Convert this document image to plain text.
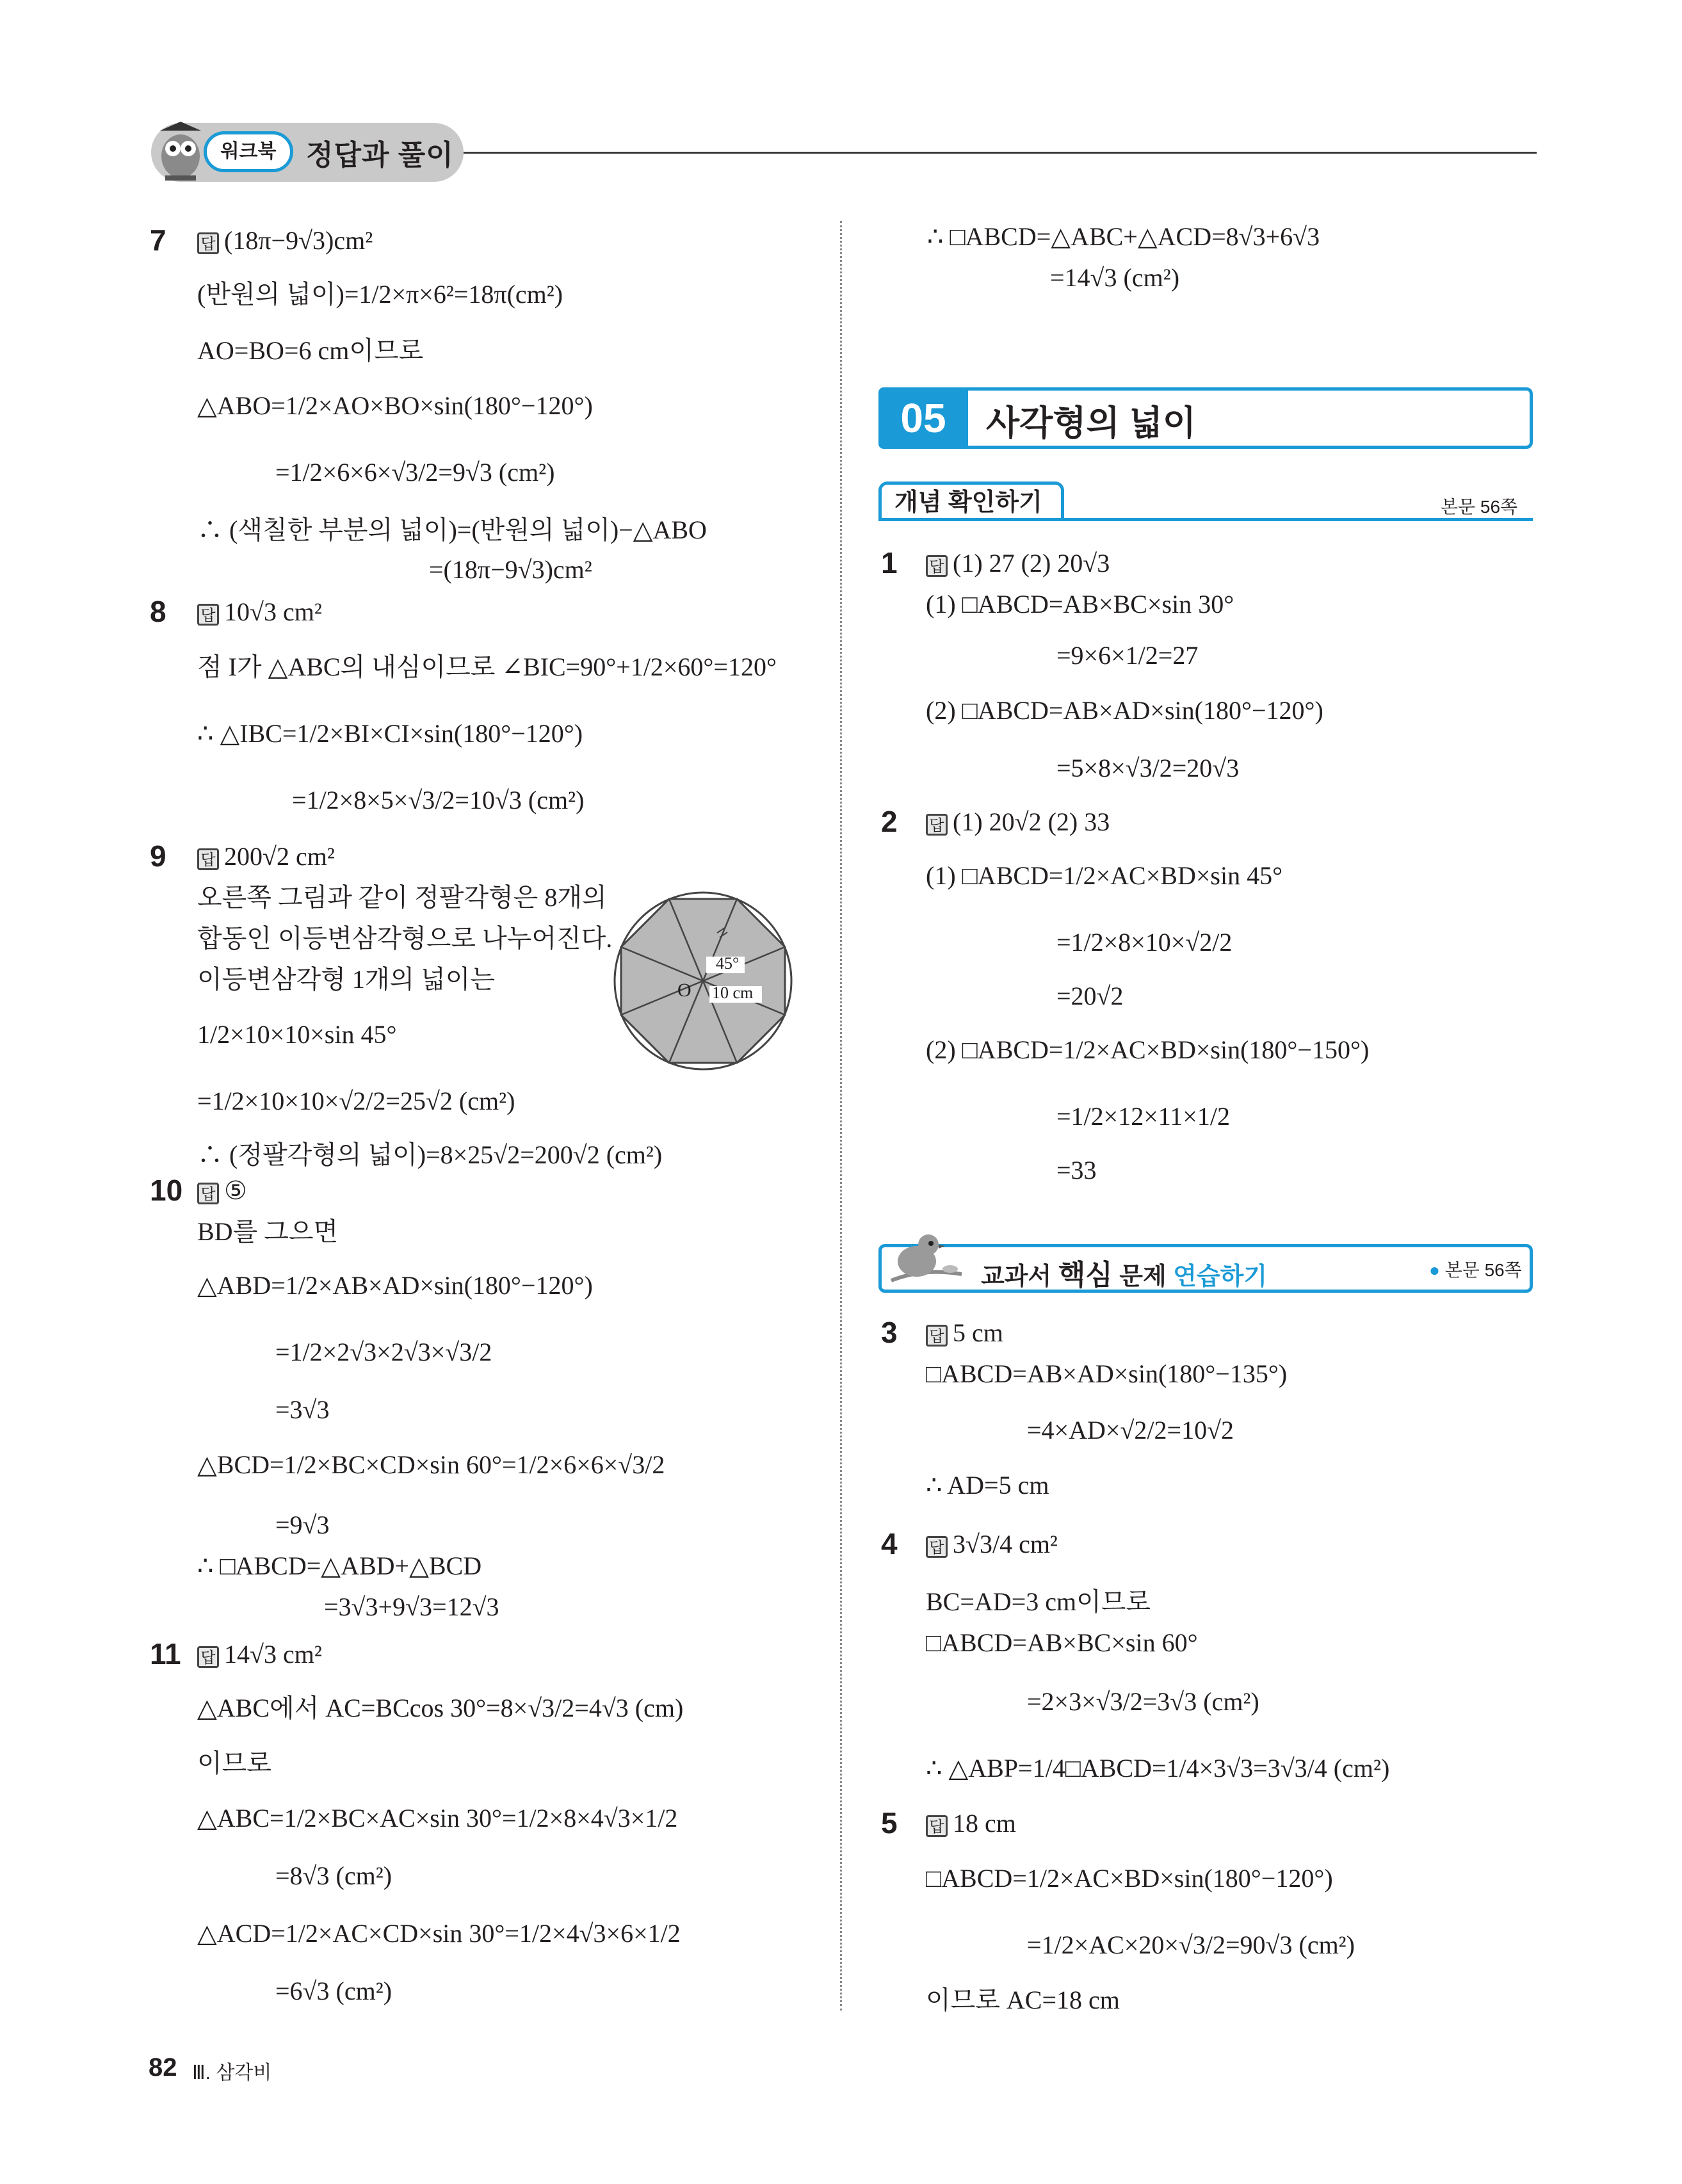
워크북	정답과 풀이
7 답 (18π−9√3)cm²
(반원의 넓이)=1/2×π×6²=18π(cm²)
AO=BO=6 cm이므로
△ABO=1/2×AO×BO×sin(180°−120°)
=1/2×6×6×√3/2=9√3 (cm²)
∴ (색칠한 부분의 넓이)=(반원의 넓이)−△ABO
=(18π−9√3)cm²
8 답 10√3 cm²
점 I가 △ABC의 내심이므로 ∠BIC=90°+1/2×60°=120°
∴ △IBC=1/2×BI×CI×sin(180°−120°)
=1/2×8×5×√3/2=10√3 (cm²)
9 답 200√2 cm²
오른쪽 그림과 같이 정팔각형은 8개의
합동인 이등변삼각형으로 나누어진다.
이등변삼각형 1개의 넓이는
1/2×10×10×sin 45°
=1/2×10×10×√2/2=25√2 (cm²)
∴ (정팔각형의 넓이)=8×25√2=200√2 (cm²)
45°
10 cm
O
10 답 ⑤
BD를 그으면
△ABD=1/2×AB×AD×sin(180°−120°)
=1/2×2√3×2√3×√3/2
=3√3
△BCD=1/2×BC×CD×sin 60°=1/2×6×6×√3/2
=9√3
∴ □ABCD=△ABD+△BCD
=3√3+9√3=12√3
11 답 14√3 cm²
△ABC에서 AC=BCcos 30°=8×√3/2=4√3 (cm)
이므로
△ABC=1/2×BC×AC×sin 30°=1/2×8×4√3×1/2
=8√3 (cm²)
△ACD=1/2×AC×CD×sin 30°=1/2×4√3×6×1/2
=6√3 (cm²)
∴ □ABCD=△ABC+△ACD=8√3+6√3
=14√3 (cm²)
05	사각형의 넓이
개념 확인하기	본문 56쪽
1 답 (1) 27 (2) 20√3
(1) □ABCD=AB×BC×sin 30°
=9×6×1/2=27
(2) □ABCD=AB×AD×sin(180°−120°)
=5×8×√3/2=20√3
2 답 (1) 20√2 (2) 33
(1) □ABCD=1/2×AC×BD×sin 45°
=1/2×8×10×√2/2
=20√2
(2) □ABCD=1/2×AC×BD×sin(180°−150°)
=1/2×12×11×1/2
=33
교과서 핵심 문제 연습하기	● 본문 56쪽
3 답 5 cm
□ABCD=AB×AD×sin(180°−135°)
=4×AD×√2/2=10√2
∴ AD=5 cm
4 답 3√3/4 cm²
BC=AD=3 cm이므로
□ABCD=AB×BC×sin 60°
=2×3×√3/2=3√3 (cm²)
∴ △ABP=1/4□ABCD=1/4×3√3=3√3/4 (cm²)
5 답 18 cm
□ABCD=1/2×AC×BD×sin(180°−120°)
=1/2×AC×20×√3/2=90√3 (cm²)
이므로 AC=18 cm
82 Ⅲ. 삼각비
